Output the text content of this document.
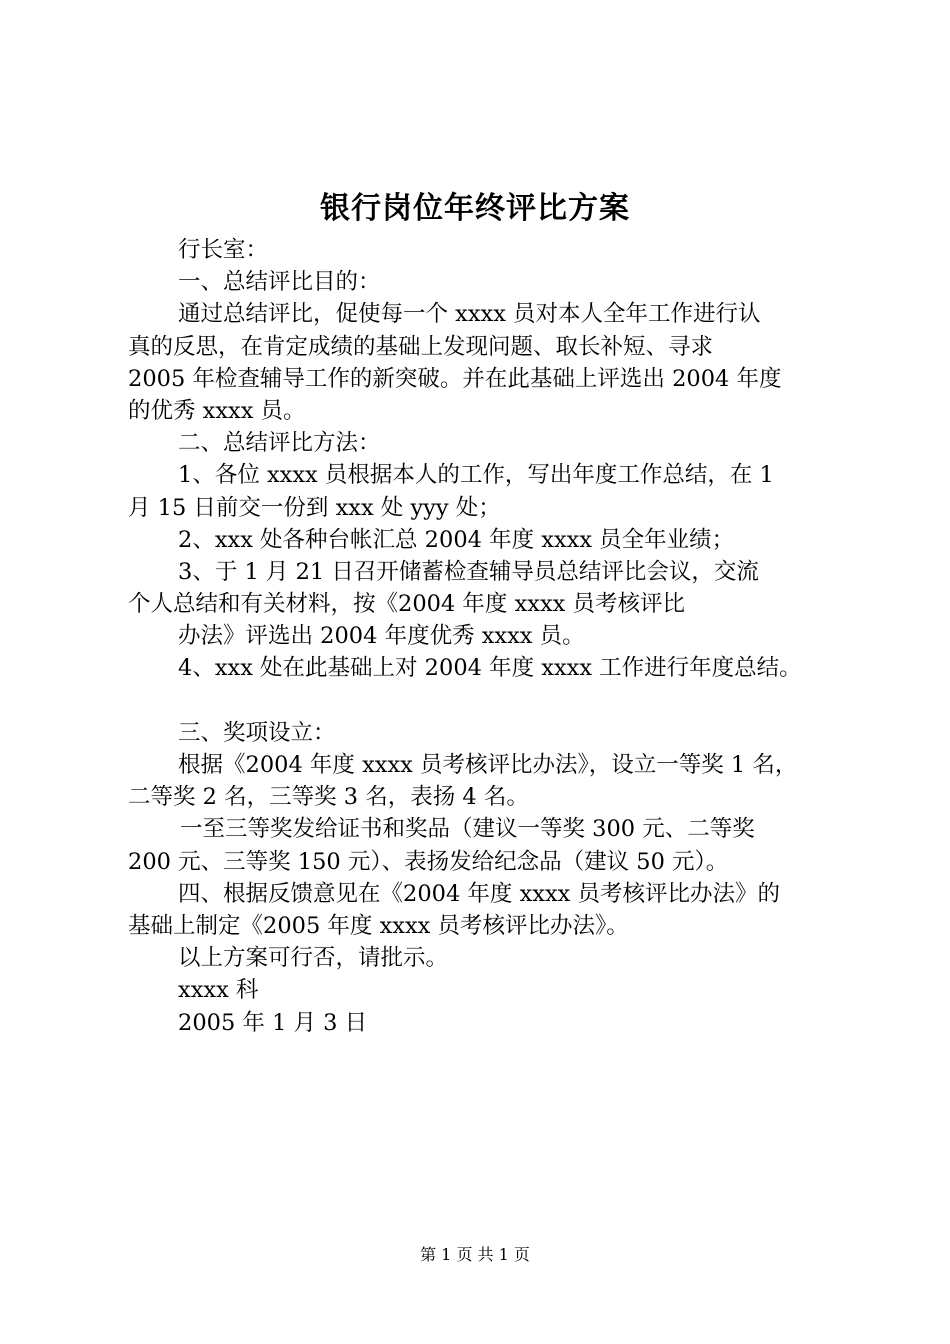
银行岗位年终评比方案
行长室：
一、总结评比目的：
通过总结评比，促使每一个 xxxx 员对本人全年工作进行认
真的反思，在肯定成绩的基础上发现问题、取长补短、寻求
2005 年检查辅导工作的新突破。并在此基础上评选出 2004 年度
的优秀 xxxx 员。
二、总结评比方法：
1、各位 xxxx 员根据本人的工作，写出年度工作总结，在 1
月 15 日前交一份到 xxx 处 yyy 处；
2、xxx 处各种台帐汇总 2004 年度 xxxx 员全年业绩；
3、于 1 月 21 日召开储蓄检查辅导员总结评比会议，交流
个人总结和有关材料，按《2004 年度 xxxx 员考核评比
办法》评选出 2004 年度优秀 xxxx 员。
4、xxx 处在此基础上对 2004 年度 xxxx 工作进行年度总结。
三、奖项设立：
根据《2004 年度 xxxx 员考核评比办法》，设立一等奖 1 名，
二等奖 2 名，三等奖 3 名，表扬 4 名。
一至三等奖发给证书和奖品（建议一等奖 300 元、二等奖
200 元、三等奖 150 元）、表扬发给纪念品（建议 50 元）。
四、根据反馈意见在《2004 年度 xxxx 员考核评比办法》的
基础上制定《2005 年度 xxxx 员考核评比办法》。
以上方案可行否，请批示。
xxxx 科
2005 年 1 月 3 日
第 1 页 共 1 页
